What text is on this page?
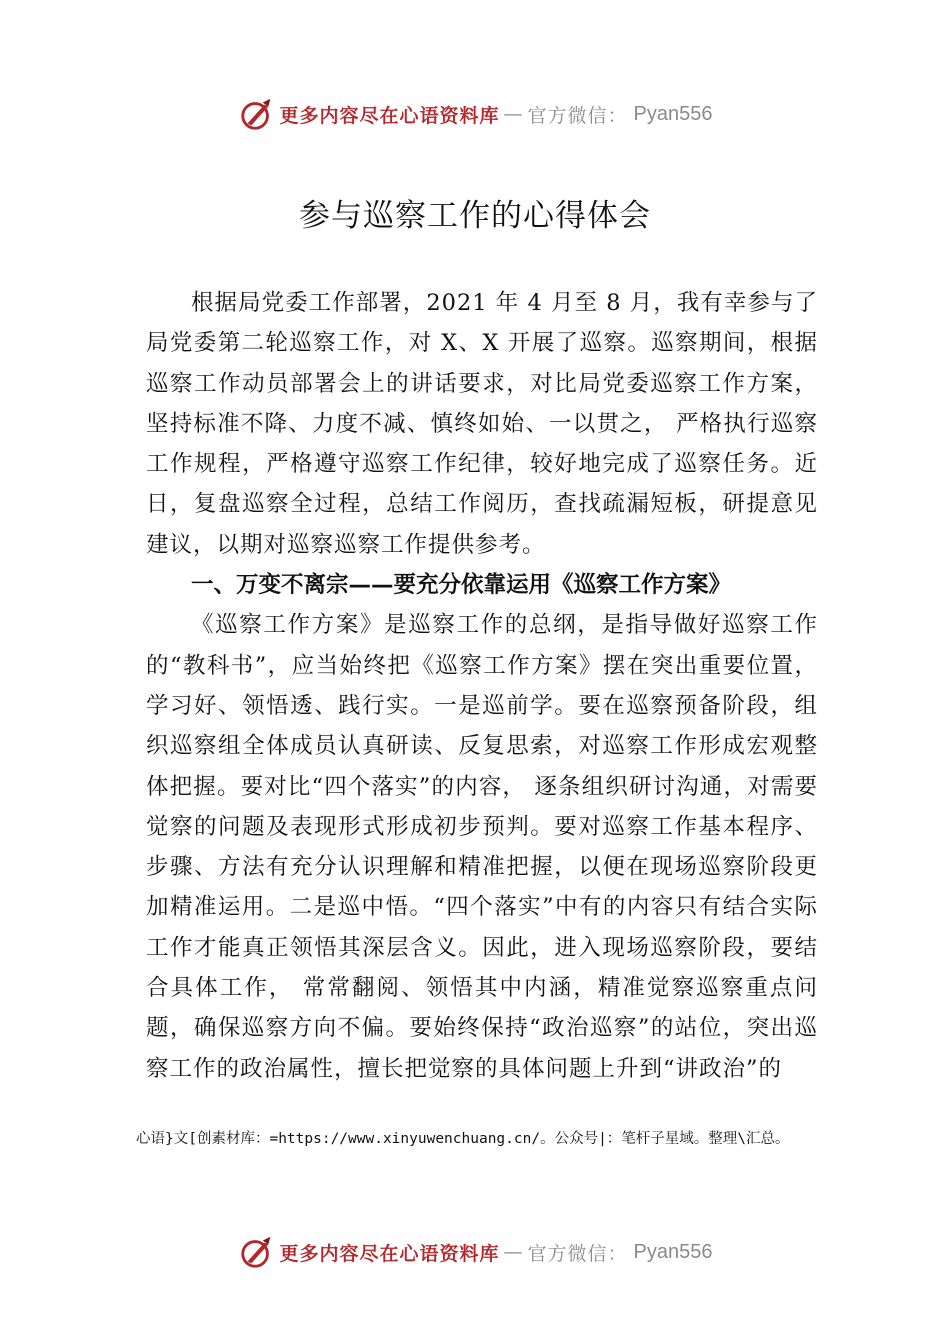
更多内容尽在心语资料库 — 官方微信： Pyan556
参与巡察工作的心得体会

根据局党委工作部署，2021 年 4 月至 8 月，我有幸参与了局党委第二轮巡察工作，对 X、X 开展了巡察。巡察期间，根据巡察工作动员部署会上的讲话要求，对比局党委巡察工作方案，坚持标准不降、力度不减、慎终如始、一以贯之， 严格执行巡察工作规程，严格遵守巡察工作纪律，较好地完成了巡察任务。近日，复盘巡察全过程，总结工作阅历，查找疏漏短板，研提意见建议，以期对巡察巡察工作提供参考。

一、万变不离宗——要充分依靠运用《巡察工作方案》

《巡察工作方案》是巡察工作的总纲，是指导做好巡察工作的“教科书”，应当始终把《巡察工作方案》摆在突出重要位置，学习好、领悟透、践行实。一是巡前学。要在巡察预备阶段，组织巡察组全体成员认真研读、反复思索，对巡察工作形成宏观整体把握。要对比“四个落实”的内容， 逐条组织研讨沟通，对需要觉察的问题及表现形式形成初步预判。要对巡察工作基本程序、步骤、方法有充分认识理解和精准把握，以便在现场巡察阶段更加精准运用。二是巡中悟。“四个落实”中有的内容只有结合实际工作才能真正领悟其深层含义。因此，进入现场巡察阶段，要结合具体工作， 常常翻阅、领悟其中内涵，精准觉察巡察重点问题，确保巡察方向不偏。要始终保持“政治巡察”的站位，突出巡察工作的政治属性，擅长把觉察的具体问题上升到“讲政治”的

心语}文[创素材库：=https://www.xinyuwenchuang.cn/。公众号|：笔杆子星域。整理\汇总。

更多内容尽在心语资料库 — 官方微信： Pyan556
